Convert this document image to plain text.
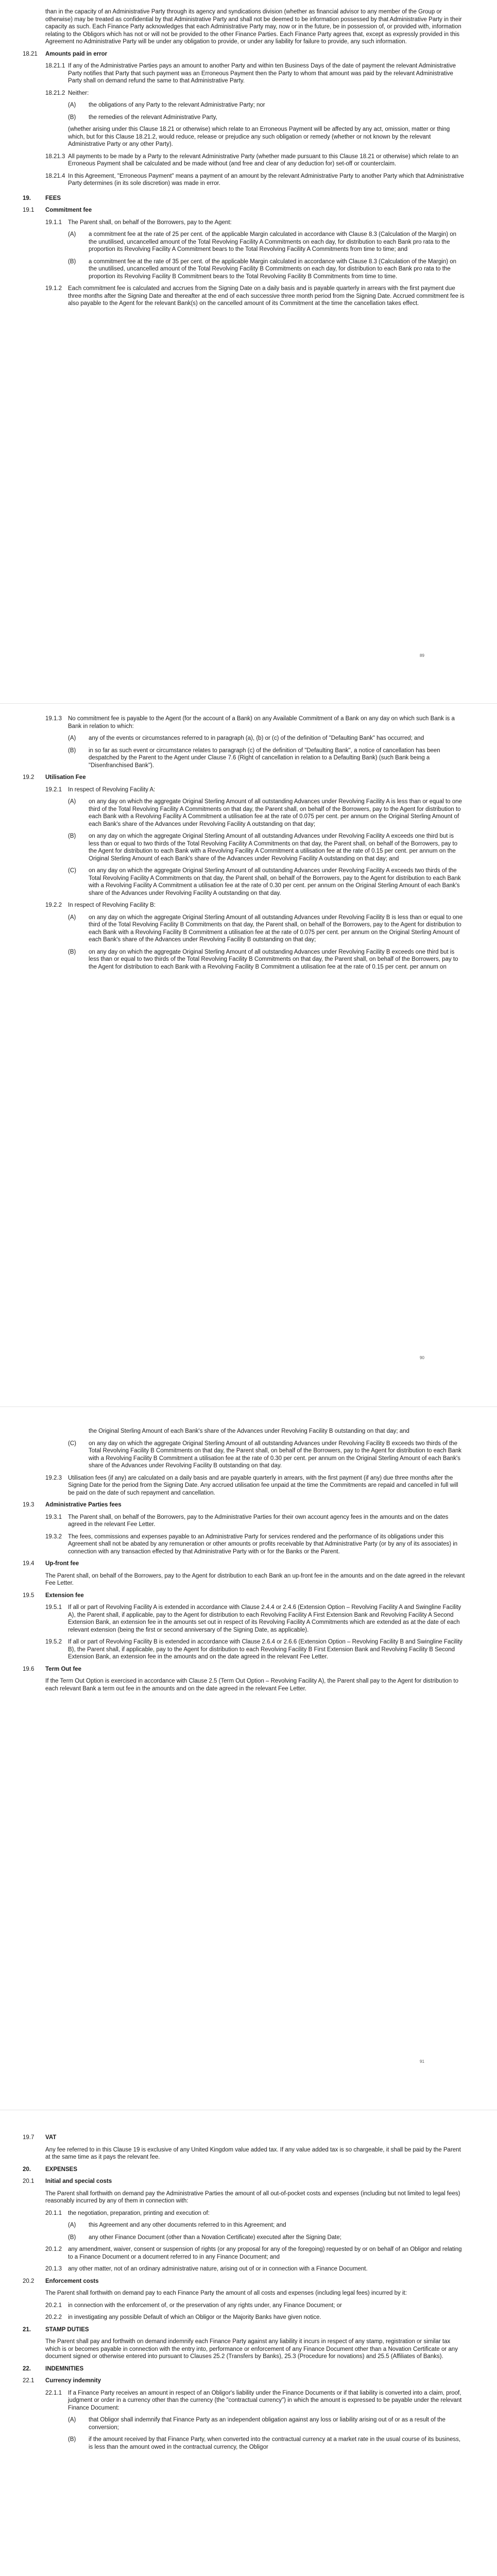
than in the capacity of an Administrative Party through its agency and syndications division (whether as financial advisor to any member of the Group or otherwise) may be treated as confidential by that Administrative Party and shall not be deemed to be information possessed by that Administrative Party in their capacity as such. Each Finance Party acknowledges that each Administrative Party may, now or in the future, be in possession of, or provided with, information relating to the Obligors which has not or will not be provided to the other Finance Parties. Each Finance Party agrees that, except as expressly provided in this Agreement no Administrative Party will be under any obligation to provide, or under any liability for failure to provide, any such information.

18.21	Amounts paid in error
18.21.1 If any of the Administrative Parties pays an amount to another Party and within ten Business Days of the date of payment the relevant Administrative Party notifies that Party that such payment was an Erroneous Payment then the Party to whom that amount was paid by the relevant Administrative Party shall on demand refund the same to that Administrative Party.
18.21.2 Neither:
(A)	the obligations of any Party to the relevant Administrative Party; nor
(B)	the remedies of the relevant Administrative Party,

(whether arising under this Clause 18.21 or otherwise) which relate to an Erroneous Payment will be affected by any act, omission, matter or thing which, but for this Clause 18.21.2, would reduce, release or prejudice any such obligation or remedy (whether or not known by the relevant Administrative Party or any other Party).

18.21.3 All payments to be made by a Party to the relevant Administrative Party (whether made pursuant to this Clause 18.21 or otherwise) which relate to an Erroneous Payment shall be calculated and be made without (and free and clear of any deduction for) set-off or counterclaim.
18.21.4 In this Agreement, "Erroneous Payment" means a payment of an amount by the relevant Administrative Party to another Party which that Administrative Party determines (in its sole discretion) was made in error.
19.	FEES
19.1	Commitment fee
19.1.1	The Parent shall, on behalf of the Borrowers, pay to the Agent:
(A)	a commitment fee at the rate of 25 per cent. of the applicable Margin calculated in accordance with Clause 8.3 (Calculation of the Margin) on the unutilised, uncancelled amount of the Total Revolving Facility A Commitments on each day, for distribution to each Bank pro rata to the proportion its Revolving Facility A Commitment bears to the Total Revolving Facility A Commitments from time to time; and
(B)	a commitment fee at the rate of 35 per cent. of the applicable Margin calculated in accordance with Clause 8.3 (Calculation of the Margin) on the unutilised, uncancelled amount of the Total Revolving Facility B Commitments on each day, for distribution to each Bank pro rata to the proportion its Revolving Facility B Commitment bears to the Total Revolving Facility B Commitments from time to time.
19.1.2	Each commitment fee is calculated and accrues from the Signing Date on a daily basis and is payable quarterly in arrears with the first payment due three months after the Signing Date and thereafter at the end of each successive three month period from the Signing Date. Accrued commitment fee is also payable to the Agent for the relevant Bank(s) on the cancelled amount of its Commitment at the time the cancellation takes effect.
89
19.1.3	No commitment fee is payable to the Agent (for the account of a Bank) on any Available Commitment of a Bank on any day on which such Bank is a Bank in relation to which:
(A)	any of the events or circumstances referred to in paragraph (a), (b) or (c) of the definition of "Defaulting Bank" has occurred; and
(B)	in so far as such event or circumstance relates to paragraph (c) of the definition of "Defaulting Bank", a notice of cancellation has been despatched by the Parent to the Agent under Clause 7.6 (Right of cancellation in relation to a Defaulting Bank) (such Bank being a "Disenfranchised Bank").
19.2	Utilisation Fee
19.2.1	In respect of Revolving Facility A:
(A)	on any day on which the aggregate Original Sterling Amount of all outstanding Advances under Revolving Facility A is less than or equal to one third of the Total Revolving Facility A Commitments on that day, the Parent shall, on behalf of the Borrowers, pay to the Agent for distribution to each Bank with a Revolving Facility A Commitment a utilisation fee at the rate of 0.075 per cent. per annum on the Original Sterling Amount of each Bank's share of the Advances under Revolving Facility A outstanding on that day;
(B)	on any day on which the aggregate Original Sterling Amount of all outstanding Advances under Revolving Facility A exceeds one third but is less than or equal to two thirds of the Total Revolving Facility A Commitments on that day, the Parent shall, on behalf of the Borrowers, pay to the Agent for distribution to each Bank with a Revolving Facility A Commitment a utilisation fee at the rate of 0.15 per cent. per annum on the Original Sterling Amount of each Bank's share of the Advances under Revolving Facility A outstanding on that day; and
(C)	on any day on which the aggregate Original Sterling Amount of all outstanding Advances under Revolving Facility A exceeds two thirds of the Total Revolving Facility A Commitments on that day, the Parent shall, on behalf of the Borrowers, pay to the Agent for distribution to each Bank with a Revolving Facility A Commitment a utilisation fee at the rate of 0.30 per cent. per annum on the Original Sterling Amount of each Bank's share of the Advances under Revolving Facility A outstanding on that day.
19.2.2	In respect of Revolving Facility B:
(A)	on any day on which the aggregate Original Sterling Amount of all outstanding Advances under Revolving Facility B is less than or equal to one third of the Total Revolving Facility B Commitments on that day, the Parent shall, on behalf of the Borrowers, pay to the Agent for distribution to each Bank with a Revolving Facility B Commitment a utilisation fee at the rate of 0.075 per cent. per annum on the Original Sterling Amount of each Bank's share of the Advances under Revolving Facility B outstanding on that day;
(B)	on any day on which the aggregate Original Sterling Amount of all outstanding Advances under Revolving Facility B exceeds one third but is less than or equal to two thirds of the Total Revolving Facility B Commitments on that day, the Parent shall, on behalf of the Borrowers, pay to the Agent for distribution to each Bank with a Revolving Facility B Commitment a utilisation fee at the rate of 0.15 per cent. per annum on
90

the Original Sterling Amount of each Bank's share of the Advances under Revolving Facility B outstanding on that day; and

(C)	on any day on which the aggregate Original Sterling Amount of all outstanding Advances under Revolving Facility B exceeds two thirds of the Total Revolving Facility B Commitments on that day, the Parent shall, on behalf of the Borrowers, pay to the Agent for distribution to each Bank with a Revolving Facility B Commitment a utilisation fee at the rate of 0.30 per cent. per annum on the Original Sterling Amount of each Bank's share of the Advances under Revolving Facility B outstanding on that day.
19.2.3	Utilisation fees (if any) are calculated on a daily basis and are payable quarterly in arrears, with the first payment (if any) due three months after the Signing Date for the period from the Signing Date. Any accrued utilisation fee unpaid at the time the Commitments are repaid and cancelled in full will be paid on the date of such repayment and cancellation.
19.3	Administrative Parties fees
19.3.1	The Parent shall, on behalf of the Borrowers, pay to the Administrative Parties for their own account agency fees in the amounts and on the dates agreed in the relevant Fee Letter.
19.3.2	The fees, commissions and expenses payable to an Administrative Party for services rendered and the performance of its obligations under this Agreement shall not be abated by any remuneration or other amounts or profits receivable by that Administrative Party (or by any of its associates) in connection with any transaction effected by that Administrative Party with or for the Banks or the Parent.
19.4	Up-front fee

The Parent shall, on behalf of the Borrowers, pay to the Agent for distribution to each Bank an up-front fee in the amounts and on the date agreed in the relevant Fee Letter.

19.5	Extension fee
19.5.1	If all or part of Revolving Facility A is extended in accordance with Clause 2.4.4 or 2.4.6 (Extension Option – Revolving Facility A and Swingline Facility A), the Parent shall, if applicable, pay to the Agent for distribution to each Revolving Facility A First Extension Bank and Revolving Facility A Second Extension Bank, an extension fee in the amounts set out in respect of its Revolving Facility A Commitments which are extended as at the date of each relevant extension (being the first or second anniversary of the Signing Date, as applicable).
19.5.2	If all or part of Revolving Facility B is extended in accordance with Clause 2.6.4 or 2.6.6 (Extension Option – Revolving Facility B and Swingline Facility B), the Parent shall, if applicable, pay to the Agent for distribution to each Revolving Facility B First Extension Bank and Revolving Facility B Second Extension Bank, an extension fee in the amounts and on the date agreed in the relevant Fee Letter.
19.6	Term Out fee

If the Term Out Option is exercised in accordance with Clause 2.5 (Term Out Option – Revolving Facility A), the Parent shall pay to the Agent for distribution to each relevant Bank a term out fee in the amounts and on the date agreed in the relevant Fee Letter.

91
19.7	VAT

Any fee referred to in this Clause 19 is exclusive of any United Kingdom value added tax. If any value added tax is so chargeable, it shall be paid by the Parent at the same time as it pays the relevant fee.

20.	EXPENSES
20.1	Initial and special costs

The Parent shall forthwith on demand pay the Administrative Parties the amount of all out-of-pocket costs and expenses (including but not limited to legal fees) reasonably incurred by any of them in connection with:

20.1.1	the negotiation, preparation, printing and execution of:
(A)	this Agreement and any other documents referred to in this Agreement; and
(B)	any other Finance Document (other than a Novation Certificate) executed after the Signing Date;
20.1.2	any amendment, waiver, consent or suspension of rights (or any proposal for any of the foregoing) requested by or on behalf of an Obligor and relating to a Finance Document or a document referred to in any Finance Document; and
20.1.3	any other matter, not of an ordinary administrative nature, arising out of or in connection with a Finance Document.
20.2	Enforcement costs

The Parent shall forthwith on demand pay to each Finance Party the amount of all costs and expenses (including legal fees) incurred by it:

20.2.1	in connection with the enforcement of, or the preservation of any rights under, any Finance Document; or
20.2.2	in investigating any possible Default of which an Obligor or the Majority Banks have given notice.
21.	STAMP DUTIES

The Parent shall pay and forthwith on demand indemnify each Finance Party against any liability it incurs in respect of any stamp, registration or similar tax which is or becomes payable in connection with the entry into, performance or enforcement of any Finance Document other than a Novation Certificate or any document signed or otherwise entered into pursuant to Clauses 25.2 (Transfers by Banks), 25.3 (Procedure for novations) and 25.5 (Affiliates of Banks).

22.	INDEMNITIES
22.1	Currency indemnity
22.1.1	If a Finance Party receives an amount in respect of an Obligor's liability under the Finance Documents or if that liability is converted into a claim, proof, judgment or order in a currency other than the currency (the "contractual currency") in which the amount is expressed to be payable under the relevant Finance Document:
(A)	that Obligor shall indemnify that Finance Party as an independent obligation against any loss or liability arising out of or as a result of the conversion;
(B)	if the amount received by that Finance Party, when converted into the contractual currency at a market rate in the usual course of its business, is less than the amount owed in the contractual currency, the Obligor
